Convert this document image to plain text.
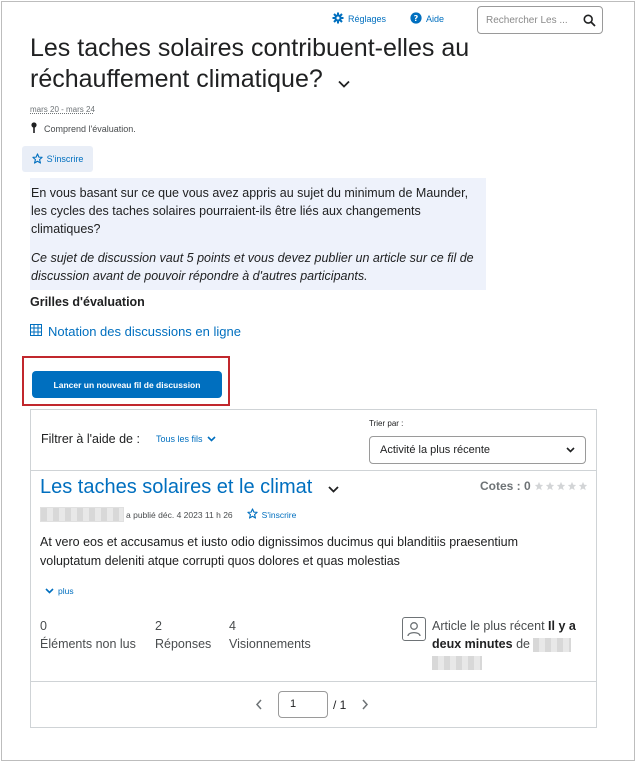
Réglages	? Aide	Rechercher Les ...
Les taches solaires contribuent-elles au réchauffement climatique?
mars 20 - mars 24
Comprend l'évaluation.
S'inscrire

En vous basant sur ce que vous avez appris au sujet du minimum de Maunder, les cycles des taches solaires pourraient-ils être liés aux changements climatiques?

Ce sujet de discussion vaut 5 points et vous devez publier un article sur ce fil de discussion avant de pouvoir répondre à d'autres participants.

Grilles d'évaluation
Notation des discussions en ligne
Lancer un nouveau fil de discussion
Filtrer à l'aide de : Tous les fils
Trier par :
Activité la plus récente
Les taches solaires et le climat	Cotes : 0
a publié déc. 4 2023 11 h 26	S'inscrire
At vero eos et accusamus et iusto odio dignissimos ducimus qui blanditiis praesentium voluptatum deleniti atque corrupti quos dolores et quas molestias
plus
0
Éléments non lus
2
Réponses
4
Visionnements
Article le plus récent Il y a deux minutes de
1	/ 1
